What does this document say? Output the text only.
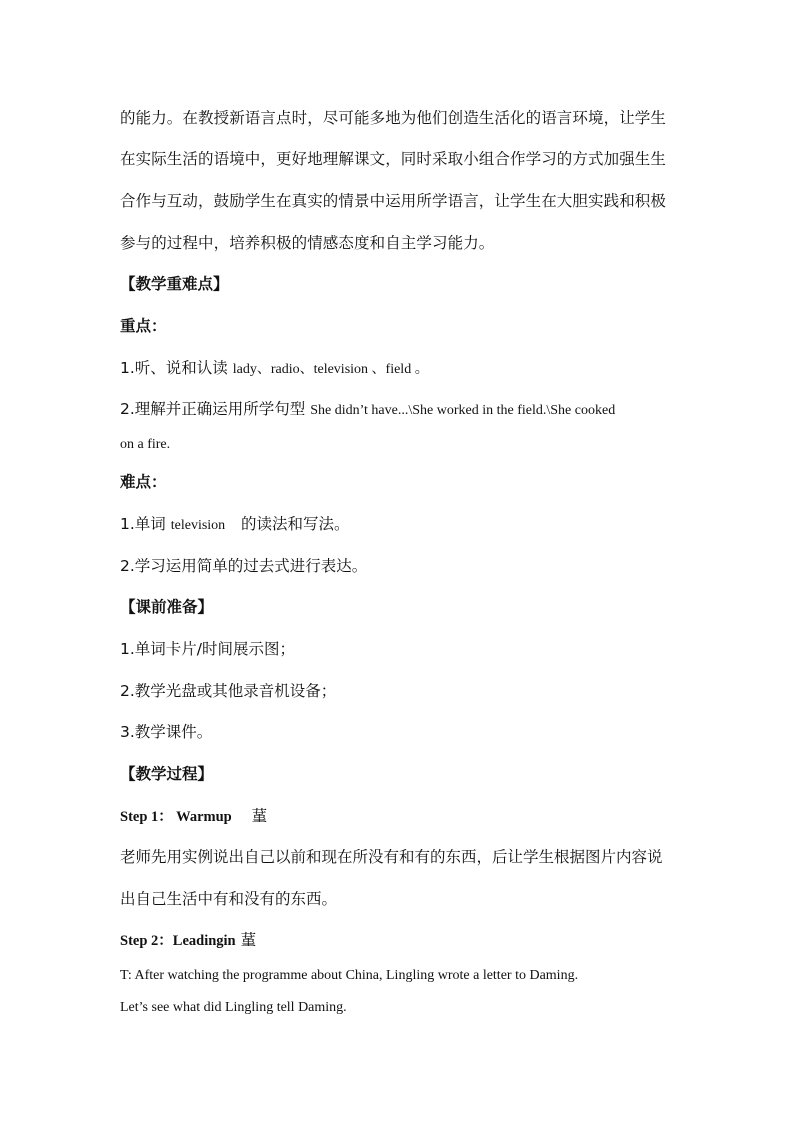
的能力。在教授新语言点时，尽可能多地为他们创造生活化的语言环境，让学生
在实际生活的语境中，更好地理解课文，同时采取小组合作学习的方式加强生生
合作与互动，鼓励学生在真实的情景中运用所学语言，让学生在大胆实践和积极
参与的过程中，培养积极的情感态度和自主学习能力。
【教学重难点】
重点：
1.听、说和认读 lady、radio、television 、field 。
2.理解并正确运用所学句型 She didn’t have...\She worked in the field.\She cooked
on a fire.
难点：
1.单词 television 的读法和写法。
2.学习运用简单的过去式进行表达。
【课前准备】
1.单词卡片/时间展示图；
2.教学光盘或其他录音机设备；
3.教学课件。
【教学过程】
Step 1： Warmup 蓳
老师先用实例说出自己以前和现在所没有和有的东西，后让学生根据图片内容说
出自己生活中有和没有的东西。
Step 2：Leadingin 蓳
T: After watching the programme about China, Lingling wrote a letter to Daming.
Let’s see what did Lingling tell Daming.
